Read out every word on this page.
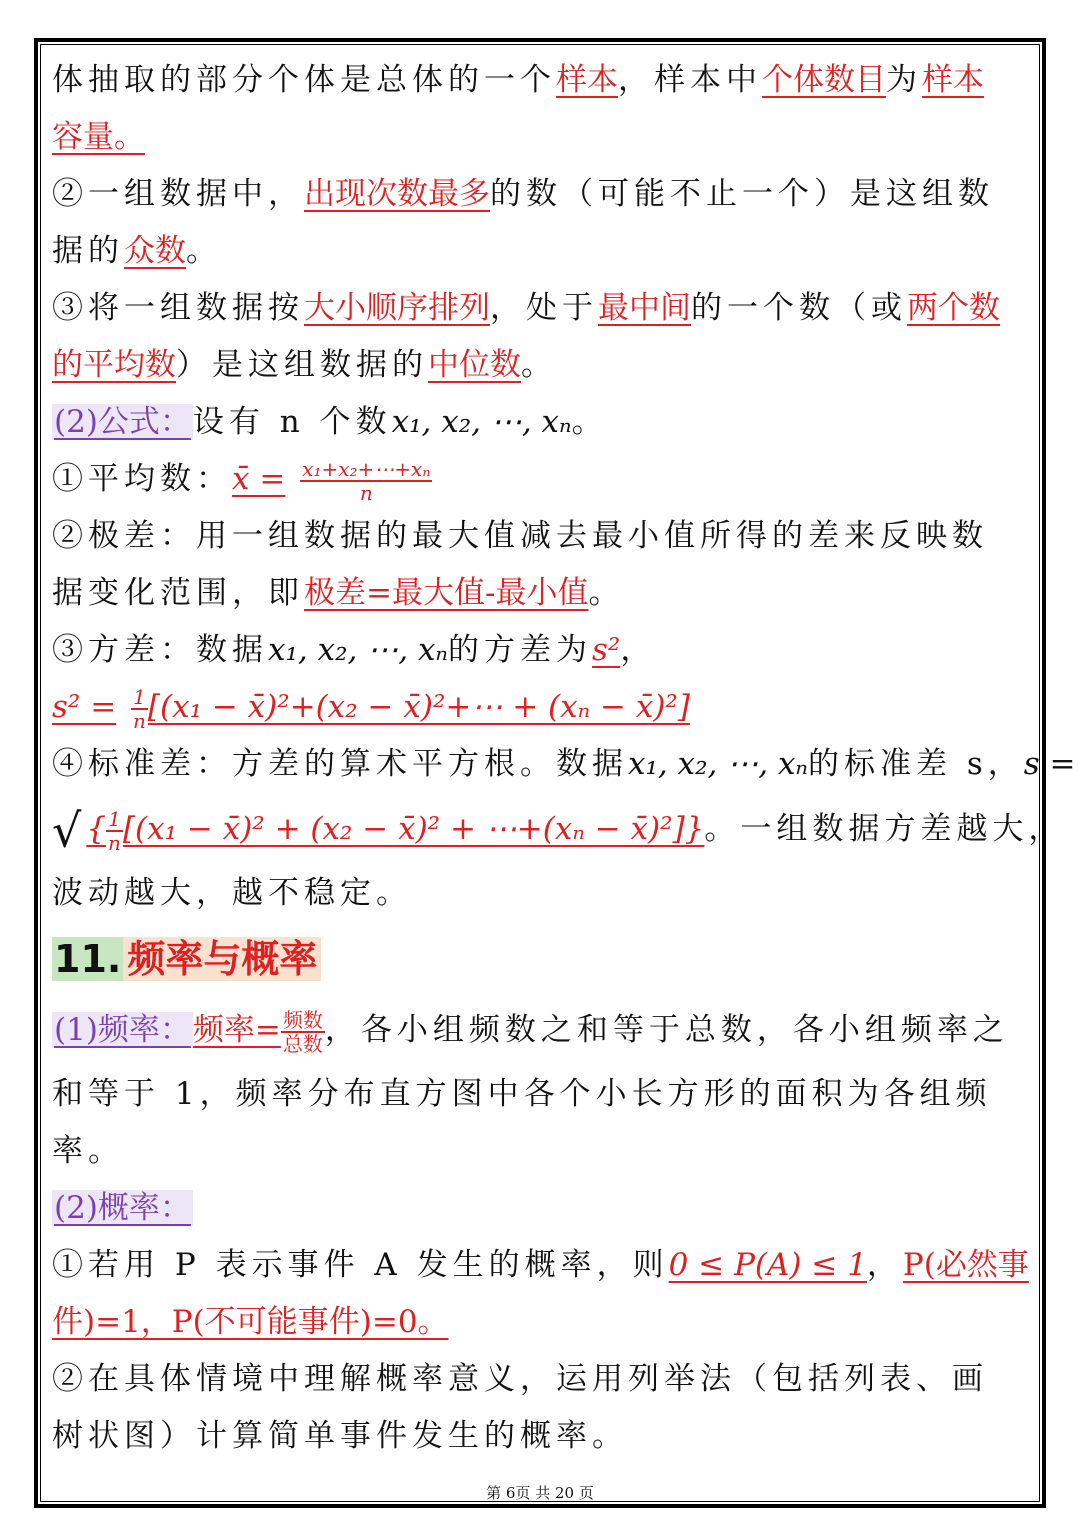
体抽取的部分个体是总体的一个样本，样本中个体数目为样本
容量。
②一组数据中，出现次数最多的数（可能不止一个）是这组数
据的众数。
③将一组数据按大小顺序排列，处于最中间的一个数（或两个数
的平均数）是这组数据的中位数。
(2)公式：设有 n 个数x₁, x₂, ⋯, xₙ。
①平均数：x̄ = $\frac{\text{x₁+x₂+⋯+xₙ}}{n}$
②极差：用一组数据的最大值减去最小值所得的差来反映数
据变化范围，即极差=最大值-最小值。
③方差：数据x₁, x₂, ⋯, xₙ的方差为s²，
$s^2 = \frac{1}{n} [(x_1$ − x̄)²+(x₂ − x̄)²+⋯ + (xₙ − x̄)²]
④标准差：方差的算术平方根。数据x₁, x₂, ⋯, xₙ的标准差 s，s =
√{ $\frac{1}{n} [(x_1$ − x̄)² + (x₂ − x̄)² + ⋯+(xₙ − x̄)²]}。一组数据方差越大，
波动越大，越不稳定。
11. 频率与概率
(1)频率：频率= $\frac{\text{频数}}{\text{总数}}$ ，各小组频数之和等于总数，各小组频率之
和等于 1，频率分布直方图中各个小长方形的面积为各组频
率。
(2)概率：
①若用 P 表示事件 A 发生的概率，则0 ≤ P(A) ≤ 1，P(必然事
件)=1，P(不可能事件)=0。
②在具体情境中理解概率意义，运用列举法（包括列表、画
树状图）计算简单事件发生的概率。
第 6页 共 20 页
